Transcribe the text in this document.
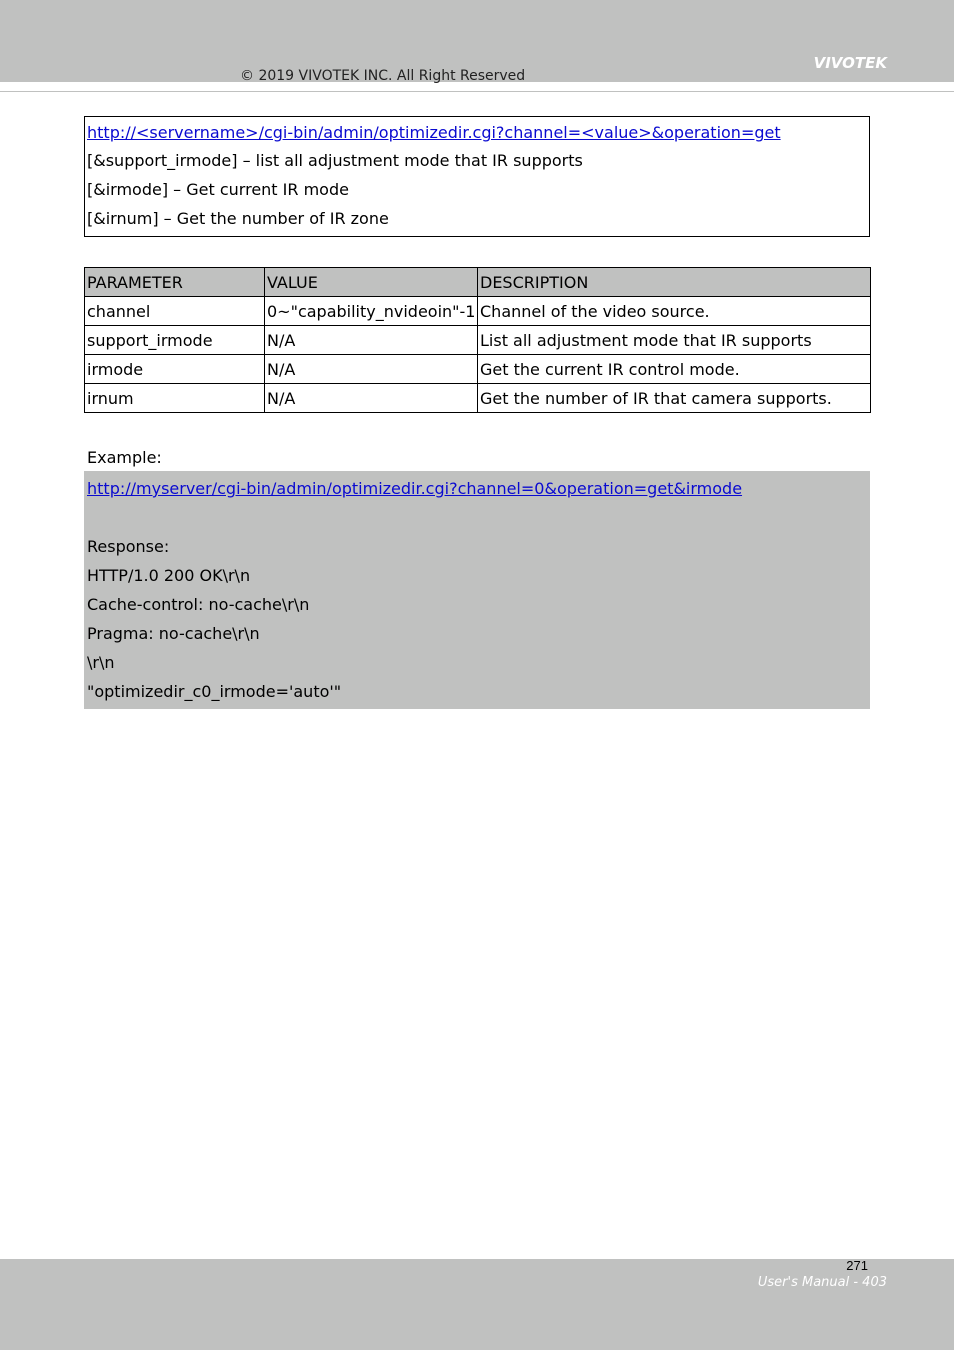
© 2019 VIVOTEK INC. All Right Reserved
VIVOTEK
http://<servername>/cgi-bin/admin/optimizedir.cgi?channel=<value>&operation=get
[&support_irmode] – list all adjustment mode that IR supports
[&irmode] – Get current IR mode
[&irnum] – Get the number of IR zone
PARAMETER	VALUE	DESCRIPTION
channel	0~"capability_nvideoin"-1	Channel of the video source.
support_irmode	N/A	List all adjustment mode that IR supports
irmode	N/A	Get the current IR control mode.
irnum	N/A	Get the number of IR that camera supports.
Example:
http://myserver/cgi-bin/admin/optimizedir.cgi?channel=0&operation=get&irmode
Response:
HTTP/1.0 200 OK\r\n
Cache-control: no-cache\r\n
Pragma: no-cache\r\n
\r\n
"optimizedir_c0_irmode='auto'"
271
User's Manual - 403
